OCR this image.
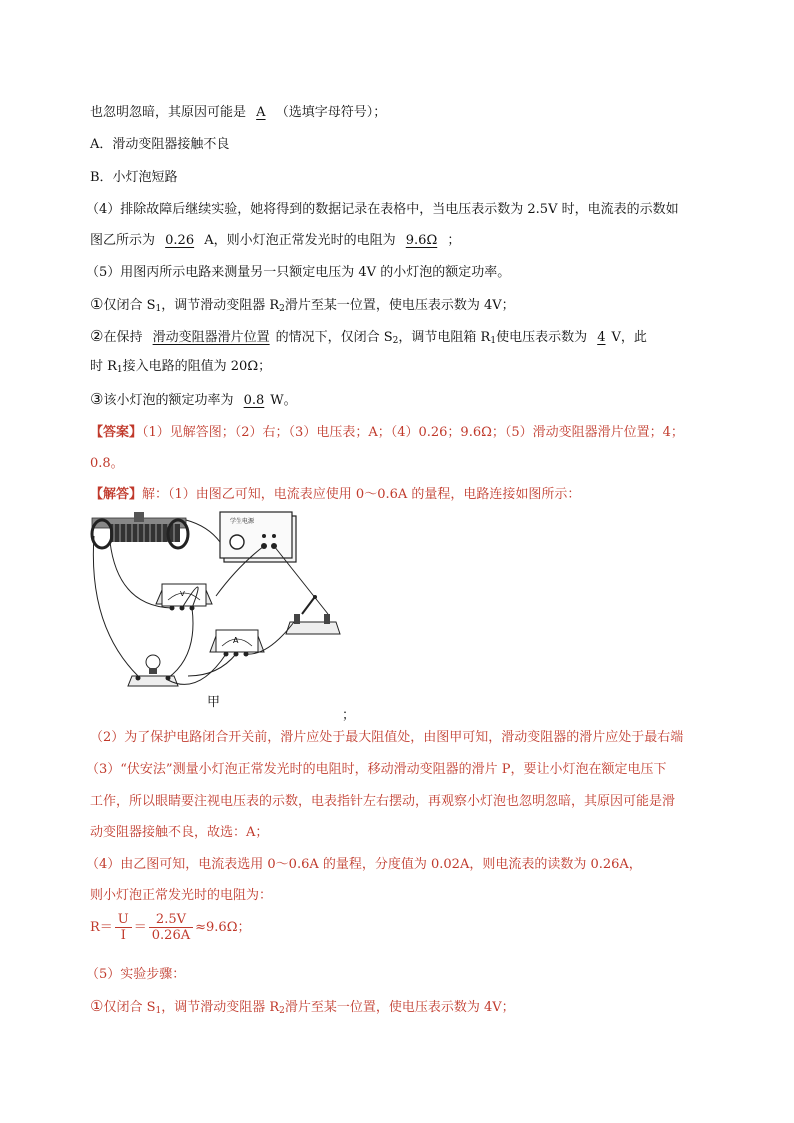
也忽明忽暗，其原因可能是 A （选填字母符号）；
A．滑动变阻器接触不良
B．小灯泡短路
（4）排除故障后继续实验，她将得到的数据记录在表格中，当电压表示数为 2.5V 时，电流表的示数如
图乙所示为 0.26 A，则小灯泡正常发光时的电阻为 9.6Ω ；
（5）用图丙所示电路来测量另一只额定电压为 4V 的小灯泡的额定功率。
①仅闭合 $S_1$，调节滑动变阻器 $R_2$滑片至某一位置，使电压表示数为 4V；
②在保持 滑动变阻器滑片位置 的情况下，仅闭合 $S_2$，调节电阻箱 $R_1$使电压表示数为 4 V，此
时 $R_1$接入电路的阻值为 20Ω；
③该小灯泡的额定功率为 0.8 W。
【答案】（1）见解答图；（2）右；（3）电压表；A；（4）0.26；9.6Ω；（5）滑动变阻器滑片位置；4；
0.8。
【解答】解：（1）由图乙可知，电流表应使用 0～0.6A 的量程，电路连接如图所示：
学生电源
V
A
甲
；
（2）为了保护电路闭合开关前，滑片应处于最大阻值处，由图甲可知，滑动变阻器的滑片应处于最右端
（3）“伏安法”测量小灯泡正常发光时的电阻时，移动滑动变阻器的滑片 P，要让小灯泡在额定电压下
工作，所以眼睛要注视电压表的示数，电表指针左右摆动，再观察小灯泡也忽明忽暗，其原因可能是滑
动变阻器接触不良，故选：A；
（4）由乙图可知，电流表选用 0～0.6A 的量程，分度值为 0.02A，则电流表的读数为 0.26A，
则小灯泡正常发光时的电阻为：
$R= \frac{U}{I} = \frac{2.5V}{0.26A} \approx 9.6\Omega$；
（5）实验步骤：
①仅闭合 $S_1$，调节滑动变阻器 $R_2$滑片至某一位置，使电压表示数为 4V；
